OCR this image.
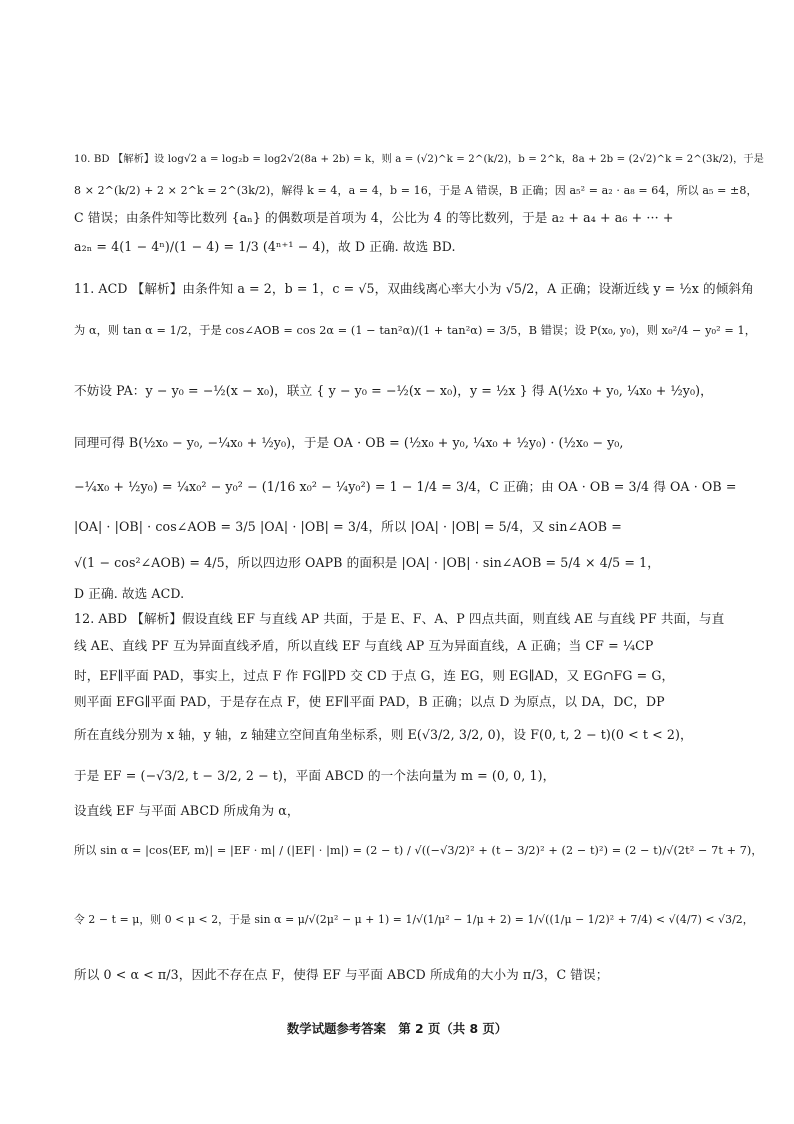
10. BD 【解析】设 log√2 a = log₂b = log2√2(8a + 2b) = k，则 a = (√2)^k = 2^(k/2)，b = 2^k，8a + 2b = (2√2)^k = 2^(3k/2)，于是
8 × 2^(k/2) + 2 × 2^k = 2^(3k/2)，解得 k = 4，a = 4，b = 16，于是 A 错误，B 正确；因 a₅² = a₂ · a₈ = 64，所以 a₅ = ±8，
C 错误；由条件知等比数列 {aₙ} 的偶数项是首项为 4，公比为 4 的等比数列，于是 a₂ + a₄ + a₆ + ··· +
a₂ₙ = 4(1 − 4ⁿ)/(1 − 4) = 1/3 (4ⁿ⁺¹ − 4)，故 D 正确. 故选 BD.
11. ACD 【解析】由条件知 a = 2，b = 1，c = √5，双曲线离心率大小为 √5/2，A 正确；设渐近线 y = ½x 的倾斜角
为 α，则 tan α = 1/2，于是 cos∠AOB = cos 2α = (1 − tan²α)/(1 + tan²α) = 3/5，B 错误；设 P(x₀, y₀)，则 x₀²/4 − y₀² = 1，
不妨设 PA：y − y₀ = −½(x − x₀)，联立 { y − y₀ = −½(x − x₀)，y = ½x } 得 A(½x₀ + y₀, ¼x₀ + ½y₀)，
同理可得 B(½x₀ − y₀, −¼x₀ + ½y₀)，于是 OA · OB = (½x₀ + y₀, ¼x₀ + ½y₀) · (½x₀ − y₀,
−¼x₀ + ½y₀) = ¼x₀² − y₀² − (1/16 x₀² − ¼y₀²) = 1 − 1/4 = 3/4，C 正确；由 OA · OB = 3/4 得 OA · OB =
|OA| · |OB| · cos∠AOB = 3/5 |OA| · |OB| = 3/4，所以 |OA| · |OB| = 5/4，又 sin∠AOB =
√(1 − cos²∠AOB) = 4/5，所以四边形 OAPB 的面积是 |OA| · |OB| · sin∠AOB = 5/4 × 4/5 = 1，
D 正确. 故选 ACD.
12. ABD 【解析】假设直线 EF 与直线 AP 共面，于是 E、F、A、P 四点共面，则直线 AE 与直线 PF 共面，与直
线 AE、直线 PF 互为异面直线矛盾，所以直线 EF 与直线 AP 互为异面直线，A 正确；当 CF = ¼CP
时，EF∥平面 PAD，事实上，过点 F 作 FG∥PD 交 CD 于点 G，连 EG，则 EG∥AD，又 EG∩FG = G，
则平面 EFG∥平面 PAD，于是存在点 F，使 EF∥平面 PAD，B 正确；以点 D 为原点，以 DA，DC，DP
所在直线分别为 x 轴，y 轴，z 轴建立空间直角坐标系，则 E(√3/2, 3/2, 0)，设 F(0, t, 2 − t)(0 < t < 2)，
于是 EF = (−√3/2, t − 3/2, 2 − t)，平面 ABCD 的一个法向量为 m = (0, 0, 1)，
设直线 EF 与平面 ABCD 所成角为 α，
所以 sin α = |cos⟨EF, m⟩| = |EF · m| / (|EF| · |m|) = (2 − t) / √((−√3/2)² + (t − 3/2)² + (2 − t)²) = (2 − t)/√(2t² − 7t + 7)，
令 2 − t = μ，则 0 < μ < 2，于是 sin α = μ/√(2μ² − μ + 1) = 1/√(1/μ² − 1/μ + 2) = 1/√((1/μ − 1/2)² + 7/4) < √(4/7) < √3/2，
所以 0 < α < π/3，因此不存在点 F，使得 EF 与平面 ABCD 所成角的大小为 π/3，C 错误；
数学试题参考答案　第 2 页（共 8 页）
